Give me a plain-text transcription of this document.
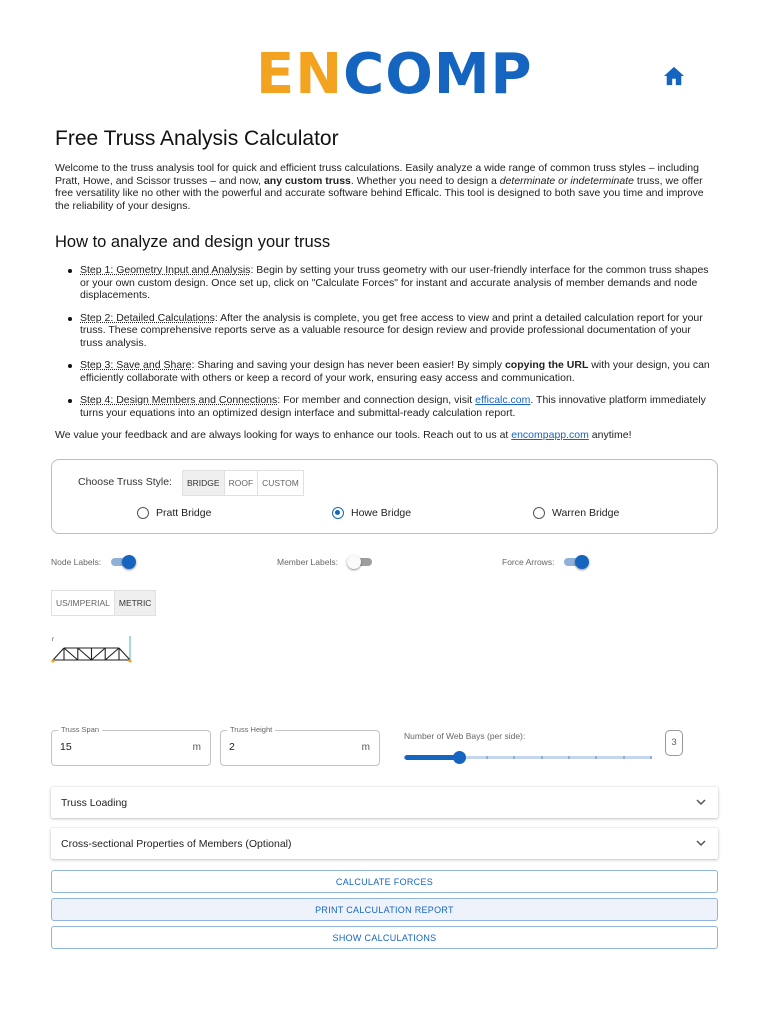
ENCOMP
Free Truss Analysis Calculator

Welcome to the truss analysis tool for quick and efficient truss calculations. Easily analyze a wide range of common truss styles – including Pratt, Howe, and Scissor trusses – and now, any custom truss. Whether you need to design a determinate or indeterminate truss, we offer free versatility like no other with the powerful and accurate software behind Efficalc. This tool is designed to both save you time and improve the reliability of your designs.

How to analyze and design your truss
Step 1: Geometry Input and Analysis: Begin by setting your truss geometry with our user-friendly interface for the common truss shapes or your own custom design. Once set up, click on "Calculate Forces" for instant and accurate analysis of member demands and node displacements.
Step 2: Detailed Calculations: After the analysis is complete, you get free access to view and print a detailed calculation report for your truss. These comprehensive reports serve as a valuable resource for design review and provide professional documentation of your truss analysis.
Step 3: Save and Share: Sharing and saving your design has never been easier! By simply copying the URL with your design, you can efficiently collaborate with others or keep a record of your work, ensuring easy access and communication.
Step 4: Design Members and Connections: For member and connection design, visit efficalc.com. This innovative platform immediately turns your equations into an optimized design interface and submittal-ready calculation report.

We value your feedback and are always looking for ways to enhance our tools. Reach out to us at encompapp.com anytime!

Choose Truss Style:	BRIDGE	ROOF	CUSTOM
Pratt Bridge	Howe Bridge	Warren Bridge
Node Labels:	Member Labels:	Force Arrows:
US/IMPERIAL	METRIC
r
Truss Span
15
m
Truss Height
2
m
Number of Web Bays (per side):
3
Truss Loading
Cross-sectional Properties of Members (Optional)
CALCULATE FORCES
PRINT CALCULATION REPORT
SHOW CALCULATIONS
